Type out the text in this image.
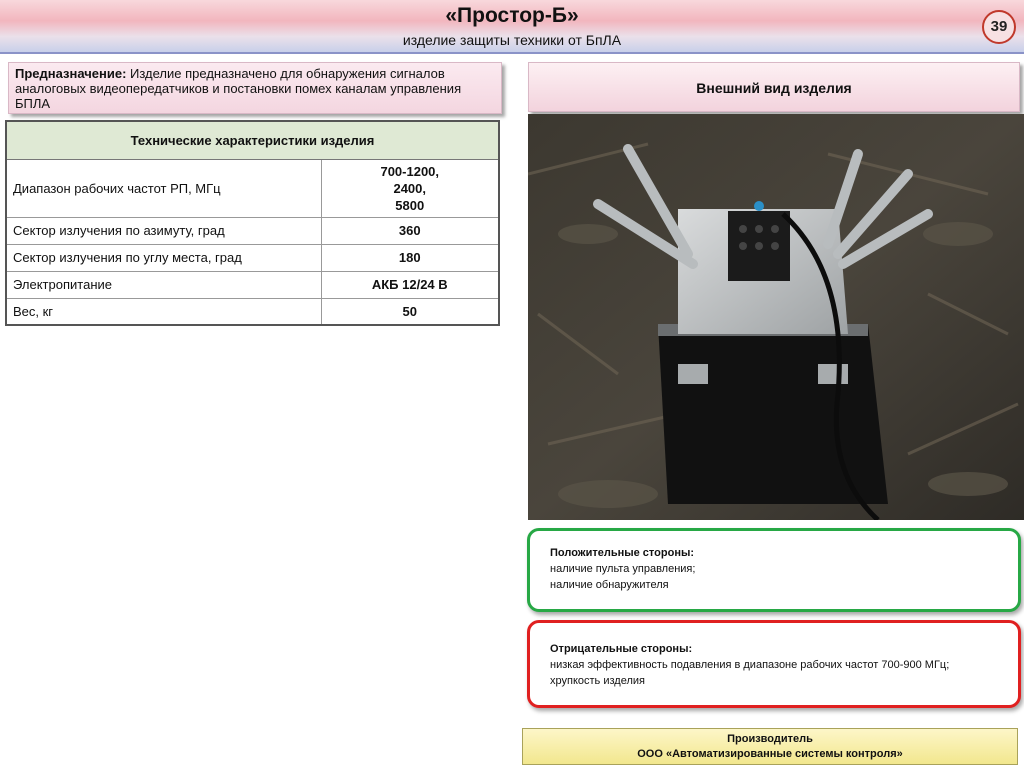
«Простор-Б»
изделие защиты техники от БпЛА
39
Предназначение: Изделие предназначено для обнаружения сигналов аналоговых видеопередатчиков и постановки помех каналам управления БПЛА
Технические характеристики изделия	
Диапазон рабочих частот РП, МГц	700-1200,
2400,
5800

Сектор излучения по азимуту, град	360
Сектор излучения по углу места, град	180
Электропитание	АКБ 12/24 В
Вес, кг	50
Внешний вид изделия
Положительные стороны:
наличие пульта управления;
наличие обнаружителя
Отрицательные стороны:
низкая эффективность подавления в диапазоне рабочих частот 700-900 МГц;
хрупкость изделия
Производитель
ООО «Автоматизированные системы контроля»
